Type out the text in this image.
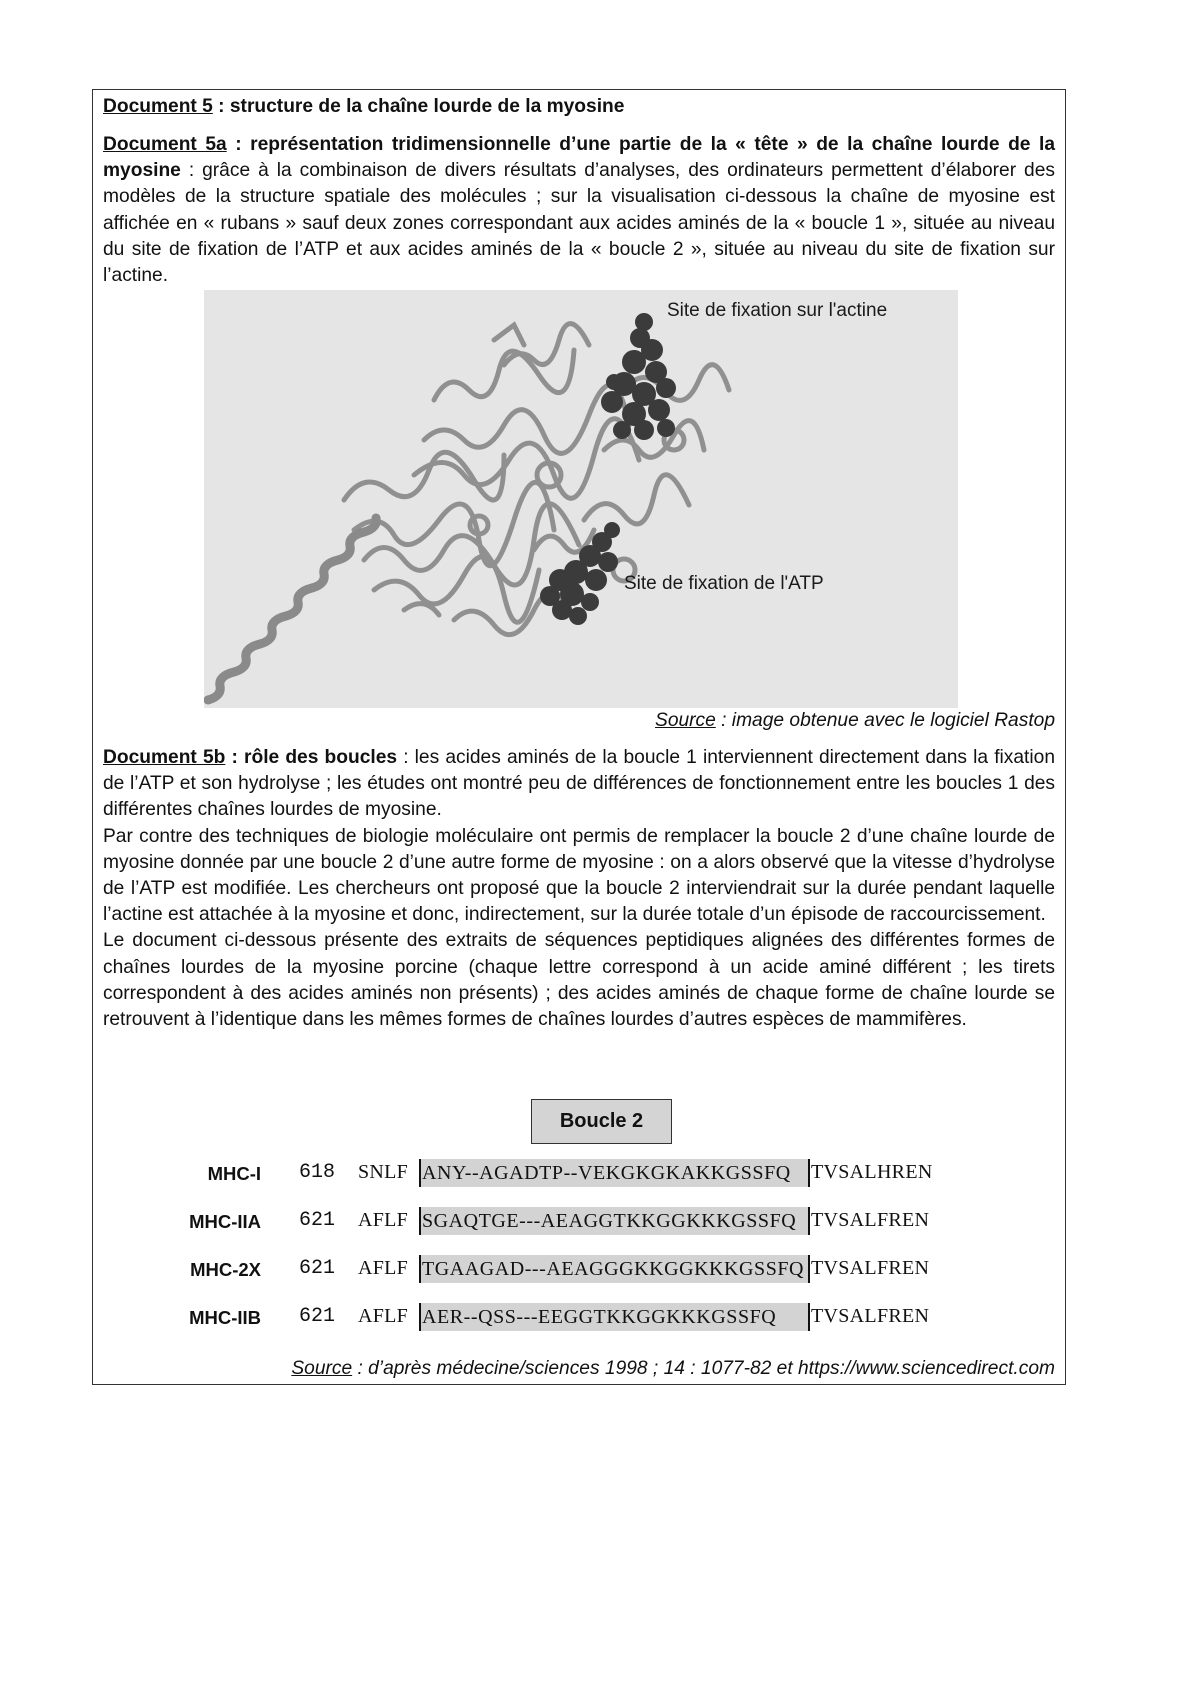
Document 5 : structure de la chaîne lourde de la myosine
Document 5a : représentation tridimensionnelle d’une partie de la « tête » de la chaîne lourde de la myosine : grâce à la combinaison de divers résultats d’analyses, des ordinateurs permettent d’élaborer des modèles de la structure spatiale des molécules ; sur la visualisation ci-dessous la chaîne de myosine est affichée en « rubans » sauf deux zones correspondant aux acides aminés de la « boucle 1 », située au niveau du site de fixation de l’ATP et aux acides aminés de la « boucle 2 », située au niveau du site de fixation sur l’actine.
Site de fixation sur l'actine
Site de fixation de l'ATP
Source : image obtenue avec le logiciel Rastop
Document 5b : rôle des boucles : les acides aminés de la boucle 1 interviennent directement dans la fixation de l’ATP et son hydrolyse ; les études ont montré peu de différences de fonctionnement entre les boucles 1 des différentes chaînes lourdes de myosine.
Par contre des techniques de biologie moléculaire ont permis de remplacer la boucle 2 d’une chaîne lourde de myosine donnée par une boucle 2 d’une autre forme de myosine : on a alors observé que la vitesse d’hydrolyse de l’ATP est modifiée. Les chercheurs ont proposé que la boucle 2 interviendrait sur la durée pendant laquelle l’actine est attachée à la myosine et donc, indirectement, sur la durée totale d’un épisode de raccourcissement.
Le document ci-dessous présente des extraits de séquences peptidiques alignées des différentes formes de chaînes lourdes de la myosine porcine (chaque lettre correspond à un acide aminé différent ; les tirets correspondent à des acides aminés non présents) ; des acides aminés de chaque forme de chaîne lourde se retrouvent à l’identique dans les mêmes formes de chaînes lourdes d’autres espèces de mammifères.
Boucle 2
MHC-I 618 SNLF ANY--AGADTP--VEKGKGKAKKGSSFQ	TVSALHREN
MHC-IIA 621 AFLF SGAQTGE---AEAGGTKKGGKKKGSSFQ TVSALFREN
MHC-2X 621 AFLF TGAAGAD---AEAGGGKKGGKKKGSSFQ TVSALFREN
MHC-IIB 621 AFLF AER--QSS---EEGGTKKGGKKKGSSFQ	TVSALFREN
Source : d’après médecine/sciences 1998 ; 14 : 1077-82 et https://www.sciencedirect.com
